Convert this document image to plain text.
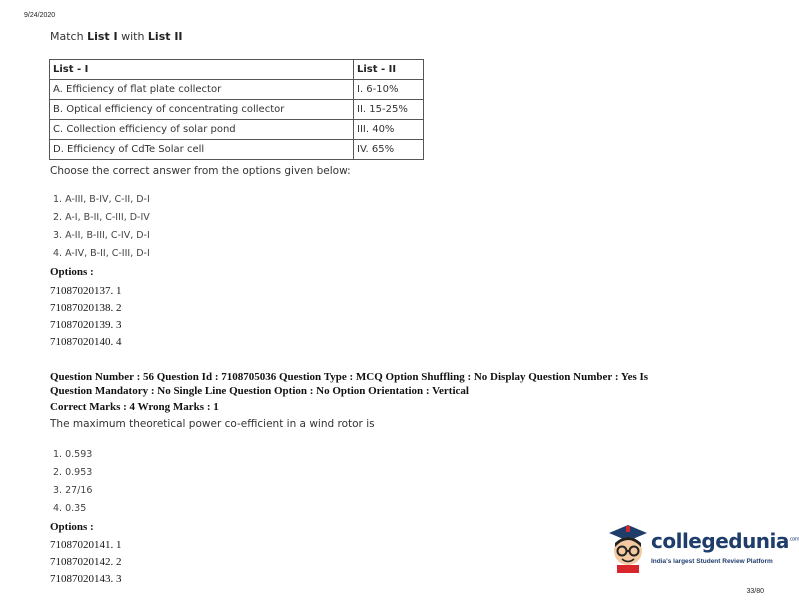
9/24/2020
Match List I with List II
List - I	List - II
A. Efficiency of flat plate collector	I. 6-10%
B. Optical efficiency of concentrating collector	II. 15-25%
C. Collection efficiency of solar pond	III. 40%
D. Efficiency of CdTe Solar cell	IV. 65%
Choose the correct answer from the options given below:
1. A-III, B-IV, C-II, D-I
2. A-I, B-II, C-III, D-IV
3. A-II, B-III, C-IV, D-I
4. A-IV, B-II, C-III, D-I
Options :
71087020137. 1
71087020138. 2
71087020139. 3
71087020140. 4
Question Number : 56 Question Id : 7108705036 Question Type : MCQ Option Shuffling : No Display Question Number : Yes Is
Question Mandatory : No Single Line Question Option : No Option Orientation : Vertical
Correct Marks : 4 Wrong Marks : 1
The maximum theoretical power co-efficient in a wind rotor is
1. 0.593
2. 0.953
3. 27/16
4. 0.35
Options :
71087020141. 1
71087020142. 2
71087020143. 3
collegedunia$^{.com}$
India's largest Student Review Platform
33/80
